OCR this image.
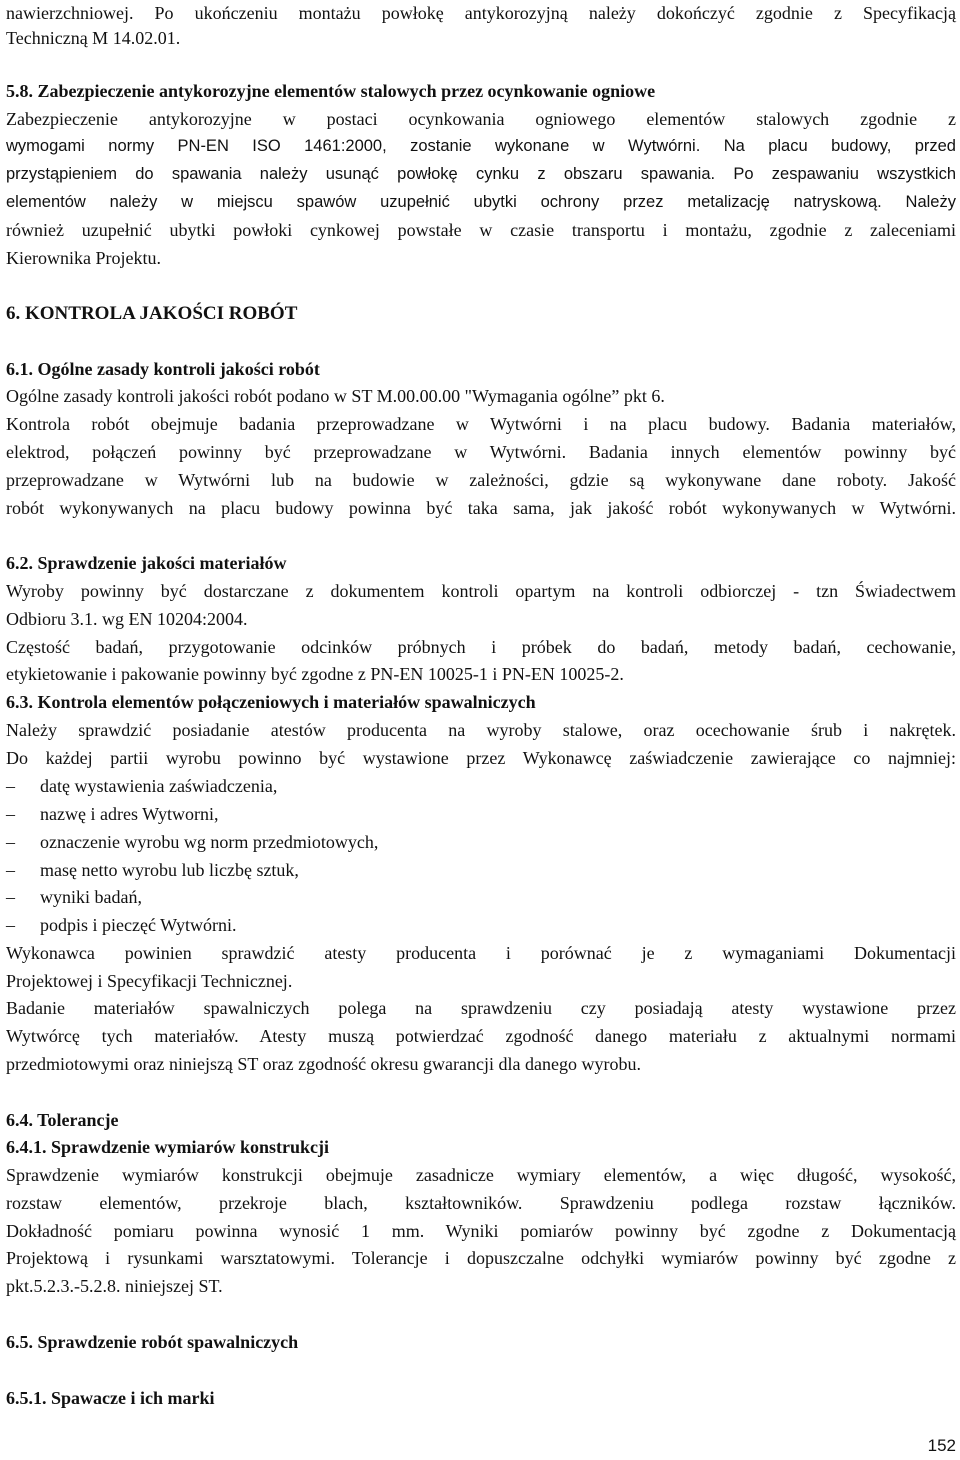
nawierzchniowej. Po ukończeniu montażu powłokę antykorozyjną należy dokończyć zgodnie z Specyfikacją
Techniczną M 14.02.01.
5.8. Zabezpieczenie antykorozyjne elementów stalowych przez ocynkowanie ogniowe
Zabezpieczenie antykorozyjne w postaci ocynkowania ogniowego elementów stalowych zgodnie z
wymogami normy PN-EN ISO 1461:2000, zostanie wykonane w Wytwórni. Na placu budowy, przed
przystąpieniem do spawania należy usunąć powłokę cynku z obszaru spawania. Po zespawaniu wszystkich
elementów należy w miejscu spawów uzupełnić ubytki ochrony przez metalizację natryskową. Należy
również uzupełnić ubytki powłoki cynkowej powstałe w czasie transportu i montażu, zgodnie z zaleceniami
Kierownika Projektu.
6. KONTROLA JAKOŚCI ROBÓT
6.1. Ogólne zasady kontroli jakości robót
Ogólne zasady kontroli jakości robót podano w ST M.00.00.00 "Wymagania ogólne” pkt 6.
Kontrola robót obejmuje badania przeprowadzane w Wytwórni i na placu budowy. Badania materiałów,
elektrod, połączeń powinny być przeprowadzane w Wytwórni. Badania innych elementów powinny być
przeprowadzane w Wytwórni lub na budowie w zależności, gdzie są wykonywane dane roboty. Jakość
robót wykonywanych na placu budowy powinna być taka sama, jak jakość robót wykonywanych w Wytwórni.
6.2. Sprawdzenie jakości materiałów
Wyroby powinny być dostarczane z dokumentem kontroli opartym na kontroli odbiorczej - tzn Świadectwem
Odbioru 3.1. wg EN 10204:2004.
Częstość badań, przygotowanie odcinków próbnych i próbek do badań, metody badań, cechowanie,
etykietowanie i pakowanie powinny być zgodne z PN-EN 10025-1 i PN-EN 10025-2.
6.3. Kontrola elementów połączeniowych i materiałów spawalniczych
Należy sprawdzić posiadanie atestów producenta na wyroby stalowe, oraz ocechowanie śrub i nakrętek.
Do każdej partii wyrobu powinno być wystawione przez Wykonawcę zaświadczenie zawierające co najmniej:
– datę wystawienia zaświadczenia,
– nazwę i adres Wytworni,
– oznaczenie wyrobu wg norm przedmiotowych,
– masę netto wyrobu lub liczbę sztuk,
– wyniki badań,
– podpis i pieczęć Wytwórni.
Wykonawca powinien sprawdzić atesty producenta i porównać je z wymaganiami Dokumentacji
Projektowej i Specyfikacji Technicznej.
Badanie materiałów spawalniczych polega na sprawdzeniu czy posiadają atesty wystawione przez
Wytwórcę tych materiałów. Atesty muszą potwierdzać zgodność danego materiału z aktualnymi normami
przedmiotowymi oraz niniejszą ST oraz zgodność okresu gwarancji dla danego wyrobu.
6.4. Tolerancje
6.4.1. Sprawdzenie wymiarów konstrukcji
Sprawdzenie wymiarów konstrukcji obejmuje zasadnicze wymiary elementów, a więc długość, wysokość,
rozstaw elementów, przekroje blach, kształtowników. Sprawdzeniu podlega rozstaw łączników.
Dokładność pomiaru powinna wynosić 1 mm. Wyniki pomiarów powinny być zgodne z Dokumentacją
Projektową i rysunkami warsztatowymi. Tolerancje i dopuszczalne odchyłki wymiarów powinny być zgodne z
pkt.5.2.3.-5.2.8. niniejszej ST.
6.5. Sprawdzenie robót spawalniczych
6.5.1. Spawacze i ich marki
152
